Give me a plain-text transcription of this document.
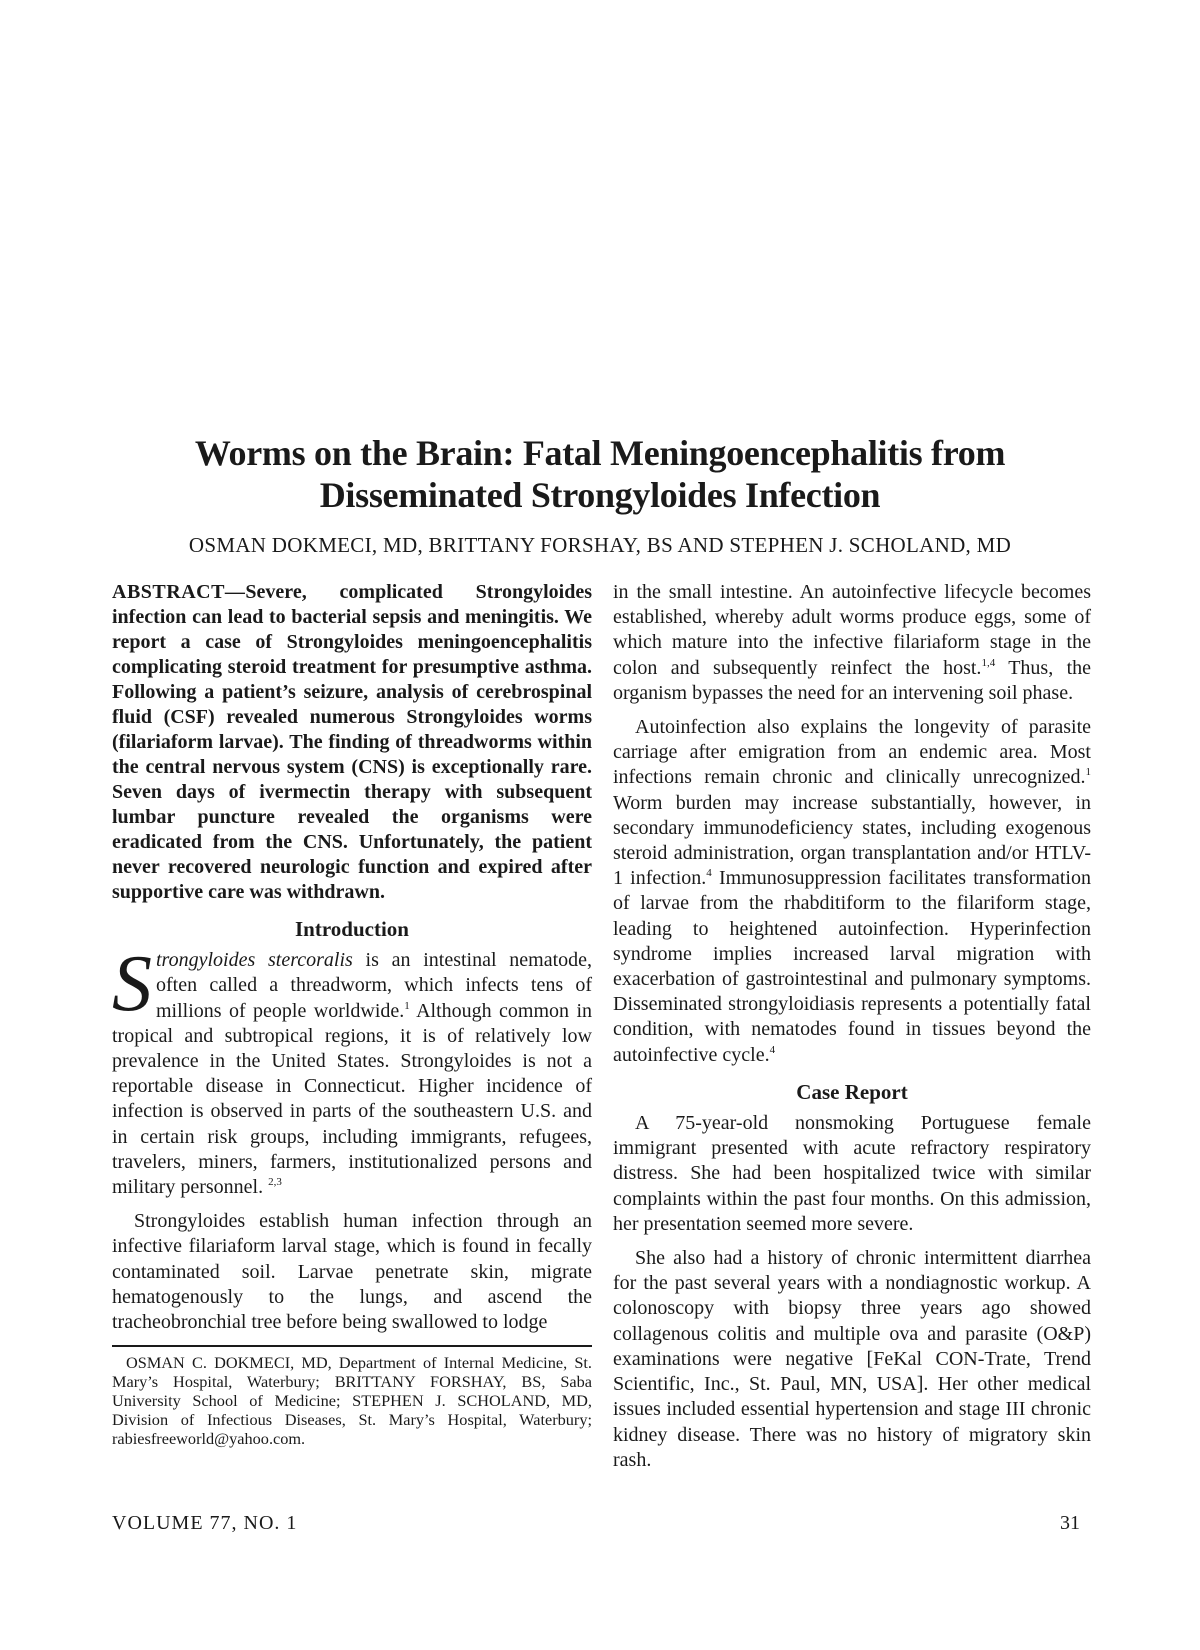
Worms on the Brain: Fatal Meningoencephalitis from
Disseminated Strongyloides Infection
OSMAN DOKMECI, MD, BRITTANY FORSHAY, BS AND STEPHEN J. SCHOLAND, MD

ABSTRACT—Severe, complicated Strongyloides infection can lead to bacterial sepsis and meningitis. We report a case of Strongyloides meningoencephalitis complicating steroid treatment for presumptive asthma. Following a patient’s seizure, analysis of cerebrospinal fluid (CSF) revealed numerous Strongyloides worms (filariaform larvae). The finding of threadworms within the central nervous system (CNS) is exceptionally rare. Seven days of ivermectin therapy with subsequent lumbar puncture revealed the organisms were eradicated from the CNS. Unfortunately, the patient never recovered neurologic function and expired after supportive care was withdrawn.

Introduction

Strongyloides stercoralis is an intestinal nematode, often called a threadworm, which infects tens of millions of people worldwide.$^1$ Although common in tropical and subtropical regions, it is of relatively low prevalence in the United States. Strongyloides is not a reportable disease in Connecticut. Higher incidence of infection is observed in parts of the southeastern U.S. and in certain risk groups, including immigrants, refugees, travelers, miners, farmers, institutionalized persons and military personnel. $^{2,3}$

Strongyloides establish human infection through an infective filariaform larval stage, which is found in fecally contaminated soil. Larvae penetrate skin, migrate hematogenously to the lungs, and ascend the tracheobronchial tree before being swallowed to lodge

OSMAN C. DOKMECI, MD, Department of Internal Medicine, St. Mary’s Hospital, Waterbury; BRITTANY FORSHAY, BS, Saba University School of Medicine; STEPHEN J. SCHOLAND, MD, Division of Infectious Diseases, St. Mary’s Hospital, Waterbury; rabiesfreeworld@yahoo.com.

in the small intestine. An autoinfective lifecycle becomes established, whereby adult worms produce eggs, some of which mature into the infective filariaform stage in the colon and subsequently reinfect the host.$^{1,4}$ Thus, the organism bypasses the need for an intervening soil phase.

Autoinfection also explains the longevity of parasite carriage after emigration from an endemic area. Most infections remain chronic and clinically unrecognized.$^1$ Worm burden may increase substantially, however, in secondary immunodeficiency states, including exogenous steroid administration, organ transplantation and/or HTLV-1 infection.$^4$ Immunosuppression facilitates transformation of larvae from the rhabditiform to the filariform stage, leading to heightened autoinfection. Hyperinfection syndrome implies increased larval migration with exacerbation of gastrointestinal and pulmonary symptoms. Disseminated strongyloidiasis represents a potentially fatal condition, with nematodes found in tissues beyond the autoinfective cycle.$^4$

Case Report

A 75-year-old nonsmoking Portuguese female immigrant presented with acute refractory respiratory distress. She had been hospitalized twice with similar complaints within the past four months. On this admission, her presentation seemed more severe.

She also had a history of chronic intermittent diarrhea for the past several years with a nondiagnostic workup. A colonoscopy with biopsy three years ago showed collagenous colitis and multiple ova and parasite (O&P) examinations were negative [FeKal CON-Trate, Trend Scientific, Inc., St. Paul, MN, USA]. Her other medical issues included essential hypertension and stage III chronic kidney disease. There was no history of migratory skin rash.

VOLUME 77, NO. 1	31
